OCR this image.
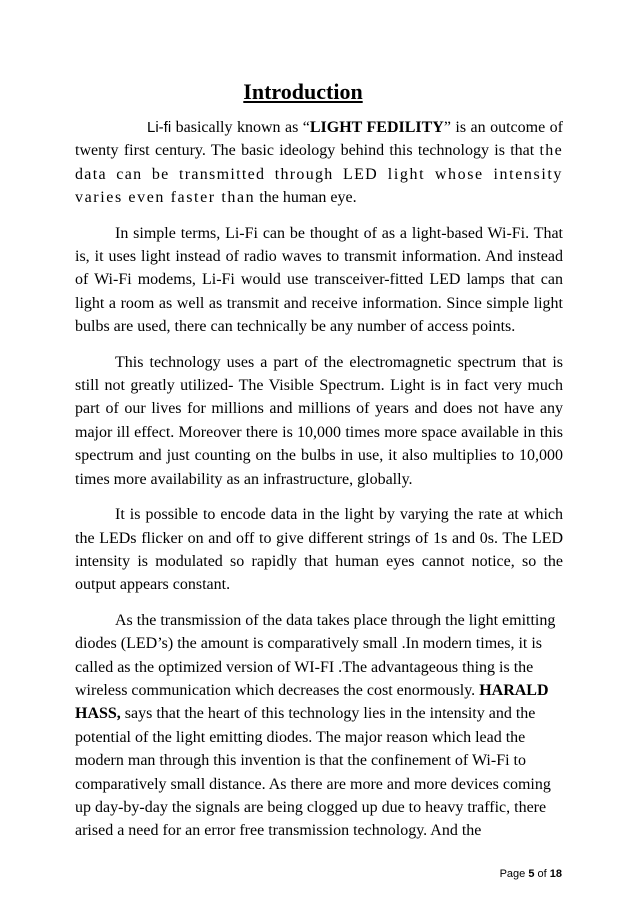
Introduction

Li-fi basically known as “LIGHT FEDILITY” is an outcome of twenty first century. The basic ideology behind this technology is that the data can be transmitted through LED light whose intensity varies even faster than the human eye.

In simple terms, Li-Fi can be thought of as a light-based Wi-Fi. That is, it uses light instead of radio waves to transmit information. And instead of Wi-Fi modems, Li-Fi would use transceiver-fitted LED lamps that can light a room as well as transmit and receive information. Since simple light bulbs are used, there can technically be any number of access points.

This technology uses a part of the electromagnetic spectrum that is still not greatly utilized- The Visible Spectrum. Light is in fact very much part of our lives for millions and millions of years and does not have any major ill effect. Moreover there is 10,000 times more space available in this spectrum and just counting on the bulbs in use, it also multiplies to 10,000 times more availability as an infrastructure, globally.

It is possible to encode data in the light by varying the rate at which the LEDs flicker on and off to give different strings of 1s and 0s. The LED intensity is modulated so rapidly that human eyes cannot notice, so the output appears constant.

As the transmission of the data takes place through the light emitting diodes (LED’s) the amount is comparatively small .In modern times, it is called as the optimized version of WI-FI .The advantageous thing is the wireless communication which decreases the cost enormously. HARALD HASS, says that the heart of this technology lies in the intensity and the potential of the light emitting diodes. The major reason which lead the modern man through this invention is that the confinement of Wi-Fi to comparatively small distance. As there are more and more devices coming up day-by-day the signals are being clogged up due to heavy traffic, there arised a need for an error free transmission technology. And the

Page 5 of 18
